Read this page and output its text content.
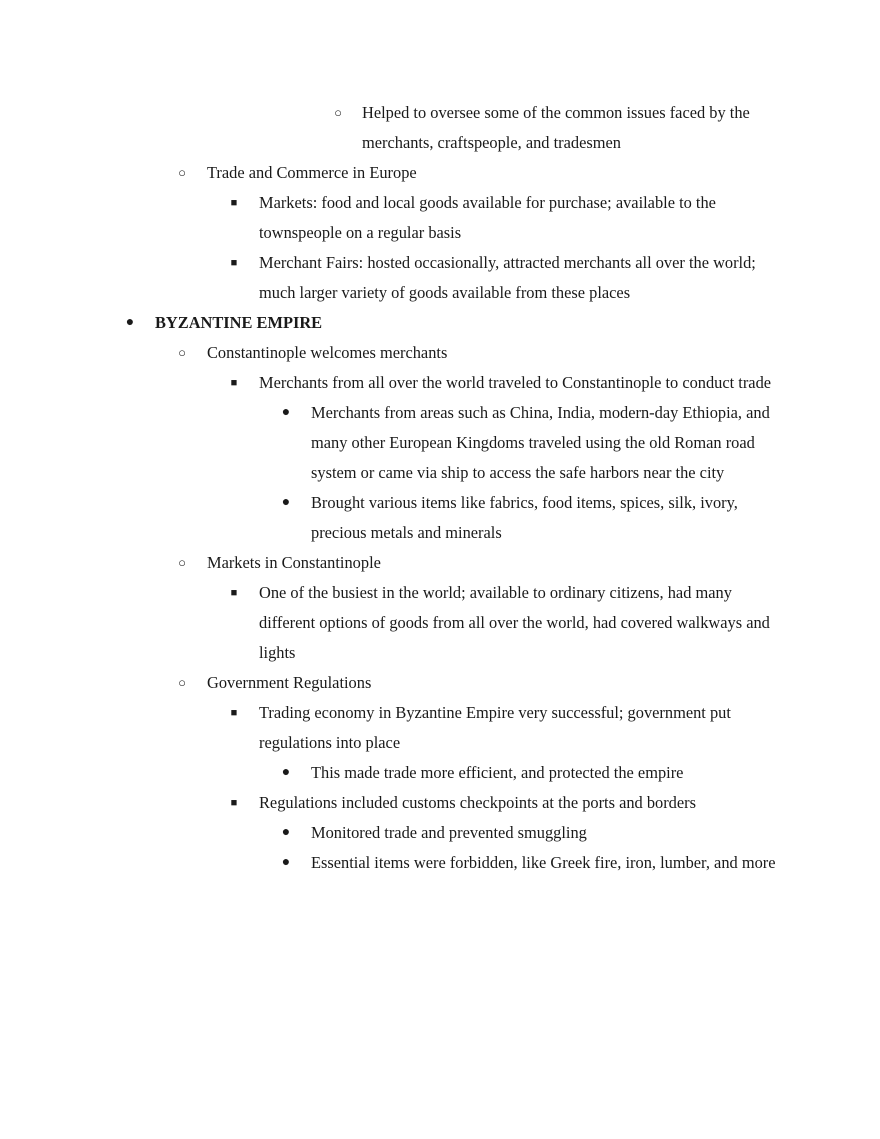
○	Helped to oversee some of the common issues faced by the merchants, craftspeople, and tradesmen
○	Trade and Commerce in Europe
■	Markets: food and local goods available for purchase; available to the townspeople on a regular basis
■	Merchant Fairs: hosted occasionally, attracted merchants all over the world; much larger variety of goods available from these places
●	BYZANTINE EMPIRE
○	Constantinople welcomes merchants
■	Merchants from all over the world traveled to Constantinople to conduct trade
●	Merchants from areas such as China, India, modern-day Ethiopia, and many other European Kingdoms traveled using the old Roman road system or came via ship to access the safe harbors near the city
●	Brought various items like fabrics, food items, spices, silk, ivory, precious metals and minerals
○	Markets in Constantinople
■	One of the busiest in the world; available to ordinary citizens, had many different options of goods from all over the world, had covered walkways and lights
○	Government Regulations
■	Trading economy in Byzantine Empire very successful; government put regulations into place
●	This made trade more efficient, and protected the empire
■	Regulations included customs checkpoints at the ports and borders
●	Monitored trade and prevented smuggling
●	Essential items were forbidden, like Greek fire, iron, lumber, and more
